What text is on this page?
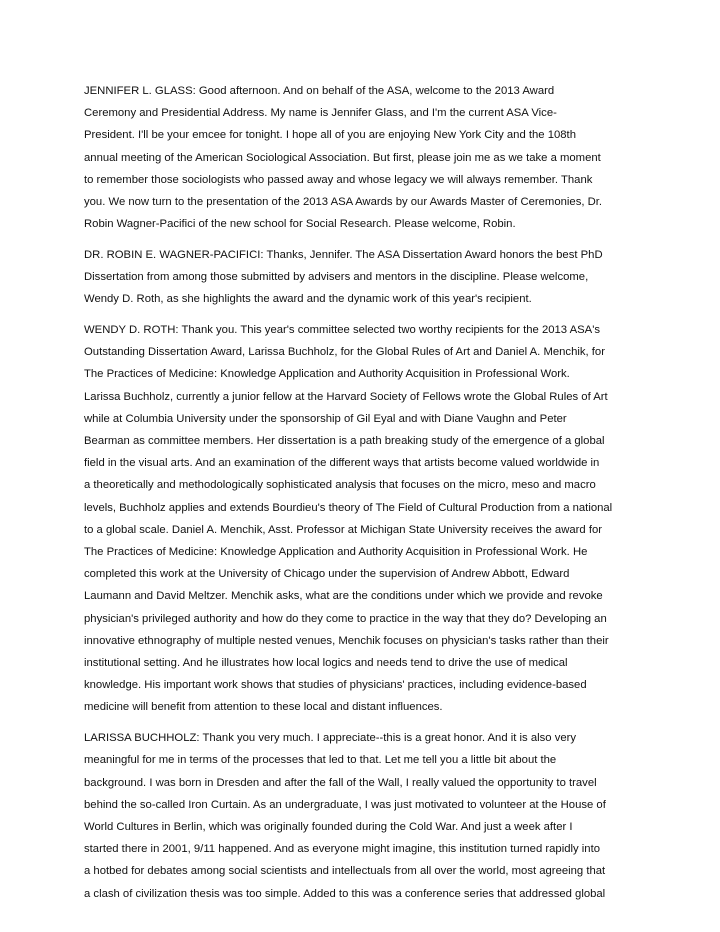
JENNIFER L. GLASS: Good afternoon. And on behalf of the ASA, welcome to the 2013 Award
Ceremony and Presidential Address. My name is Jennifer Glass, and I'm the current ASA Vice-
President. I'll be your emcee for tonight. I hope all of you are enjoying New York City and the 108th
annual meeting of the American Sociological Association. But first, please join me as we take a moment
to remember those sociologists who passed away and whose legacy we will always remember. Thank
you. We now turn to the presentation of the 2013 ASA Awards by our Awards Master of Ceremonies, Dr.
Robin Wagner-Pacifici of the new school for Social Research. Please welcome, Robin.

DR. ROBIN E. WAGNER-PACIFICI: Thanks, Jennifer. The ASA Dissertation Award honors the best PhD
Dissertation from among those submitted by advisers and mentors in the discipline. Please welcome,
Wendy D. Roth, as she highlights the award and the dynamic work of this year's recipient.

WENDY D. ROTH: Thank you. This year's committee selected two worthy recipients for the 2013 ASA's
Outstanding Dissertation Award, Larissa Buchholz, for the Global Rules of Art and Daniel A. Menchik, for
The Practices of Medicine: Knowledge Application and Authority Acquisition in Professional Work.
Larissa Buchholz, currently a junior fellow at the Harvard Society of Fellows wrote the Global Rules of Art
while at Columbia University under the sponsorship of Gil Eyal and with Diane Vaughn and Peter
Bearman as committee members. Her dissertation is a path breaking study of the emergence of a global
field in the visual arts. And an examination of the different ways that artists become valued worldwide in
a theoretically and methodologically sophisticated analysis that focuses on the micro, meso and macro
levels, Buchholz applies and extends Bourdieu's theory of The Field of Cultural Production from a national
to a global scale. Daniel A. Menchik, Asst. Professor at Michigan State University receives the award for
The Practices of Medicine: Knowledge Application and Authority Acquisition in Professional Work. He
completed this work at the University of Chicago under the supervision of Andrew Abbott, Edward
Laumann and David Meltzer. Menchik asks, what are the conditions under which we provide and revoke
physician's privileged authority and how do they come to practice in the way that they do? Developing an
innovative ethnography of multiple nested venues, Menchik focuses on physician's tasks rather than their
institutional setting. And he illustrates how local logics and needs tend to drive the use of medical
knowledge. His important work shows that studies of physicians' practices, including evidence-based
medicine will benefit from attention to these local and distant influences.

LARISSA BUCHHOLZ: Thank you very much. I appreciate--this is a great honor. And it is also very
meaningful for me in terms of the processes that led to that. Let me tell you a little bit about the
background. I was born in Dresden and after the fall of the Wall, I really valued the opportunity to travel
behind the so-called Iron Curtain. As an undergraduate, I was just motivated to volunteer at the House of
World Cultures in Berlin, which was originally founded during the Cold War. And just a week after I
started there in 2001, 9/11 happened. And as everyone might imagine, this institution turned rapidly into
a hotbed for debates among social scientists and intellectuals from all over the world, most agreeing that
a clash of civilization thesis was too simple. Added to this was a conference series that addressed global
